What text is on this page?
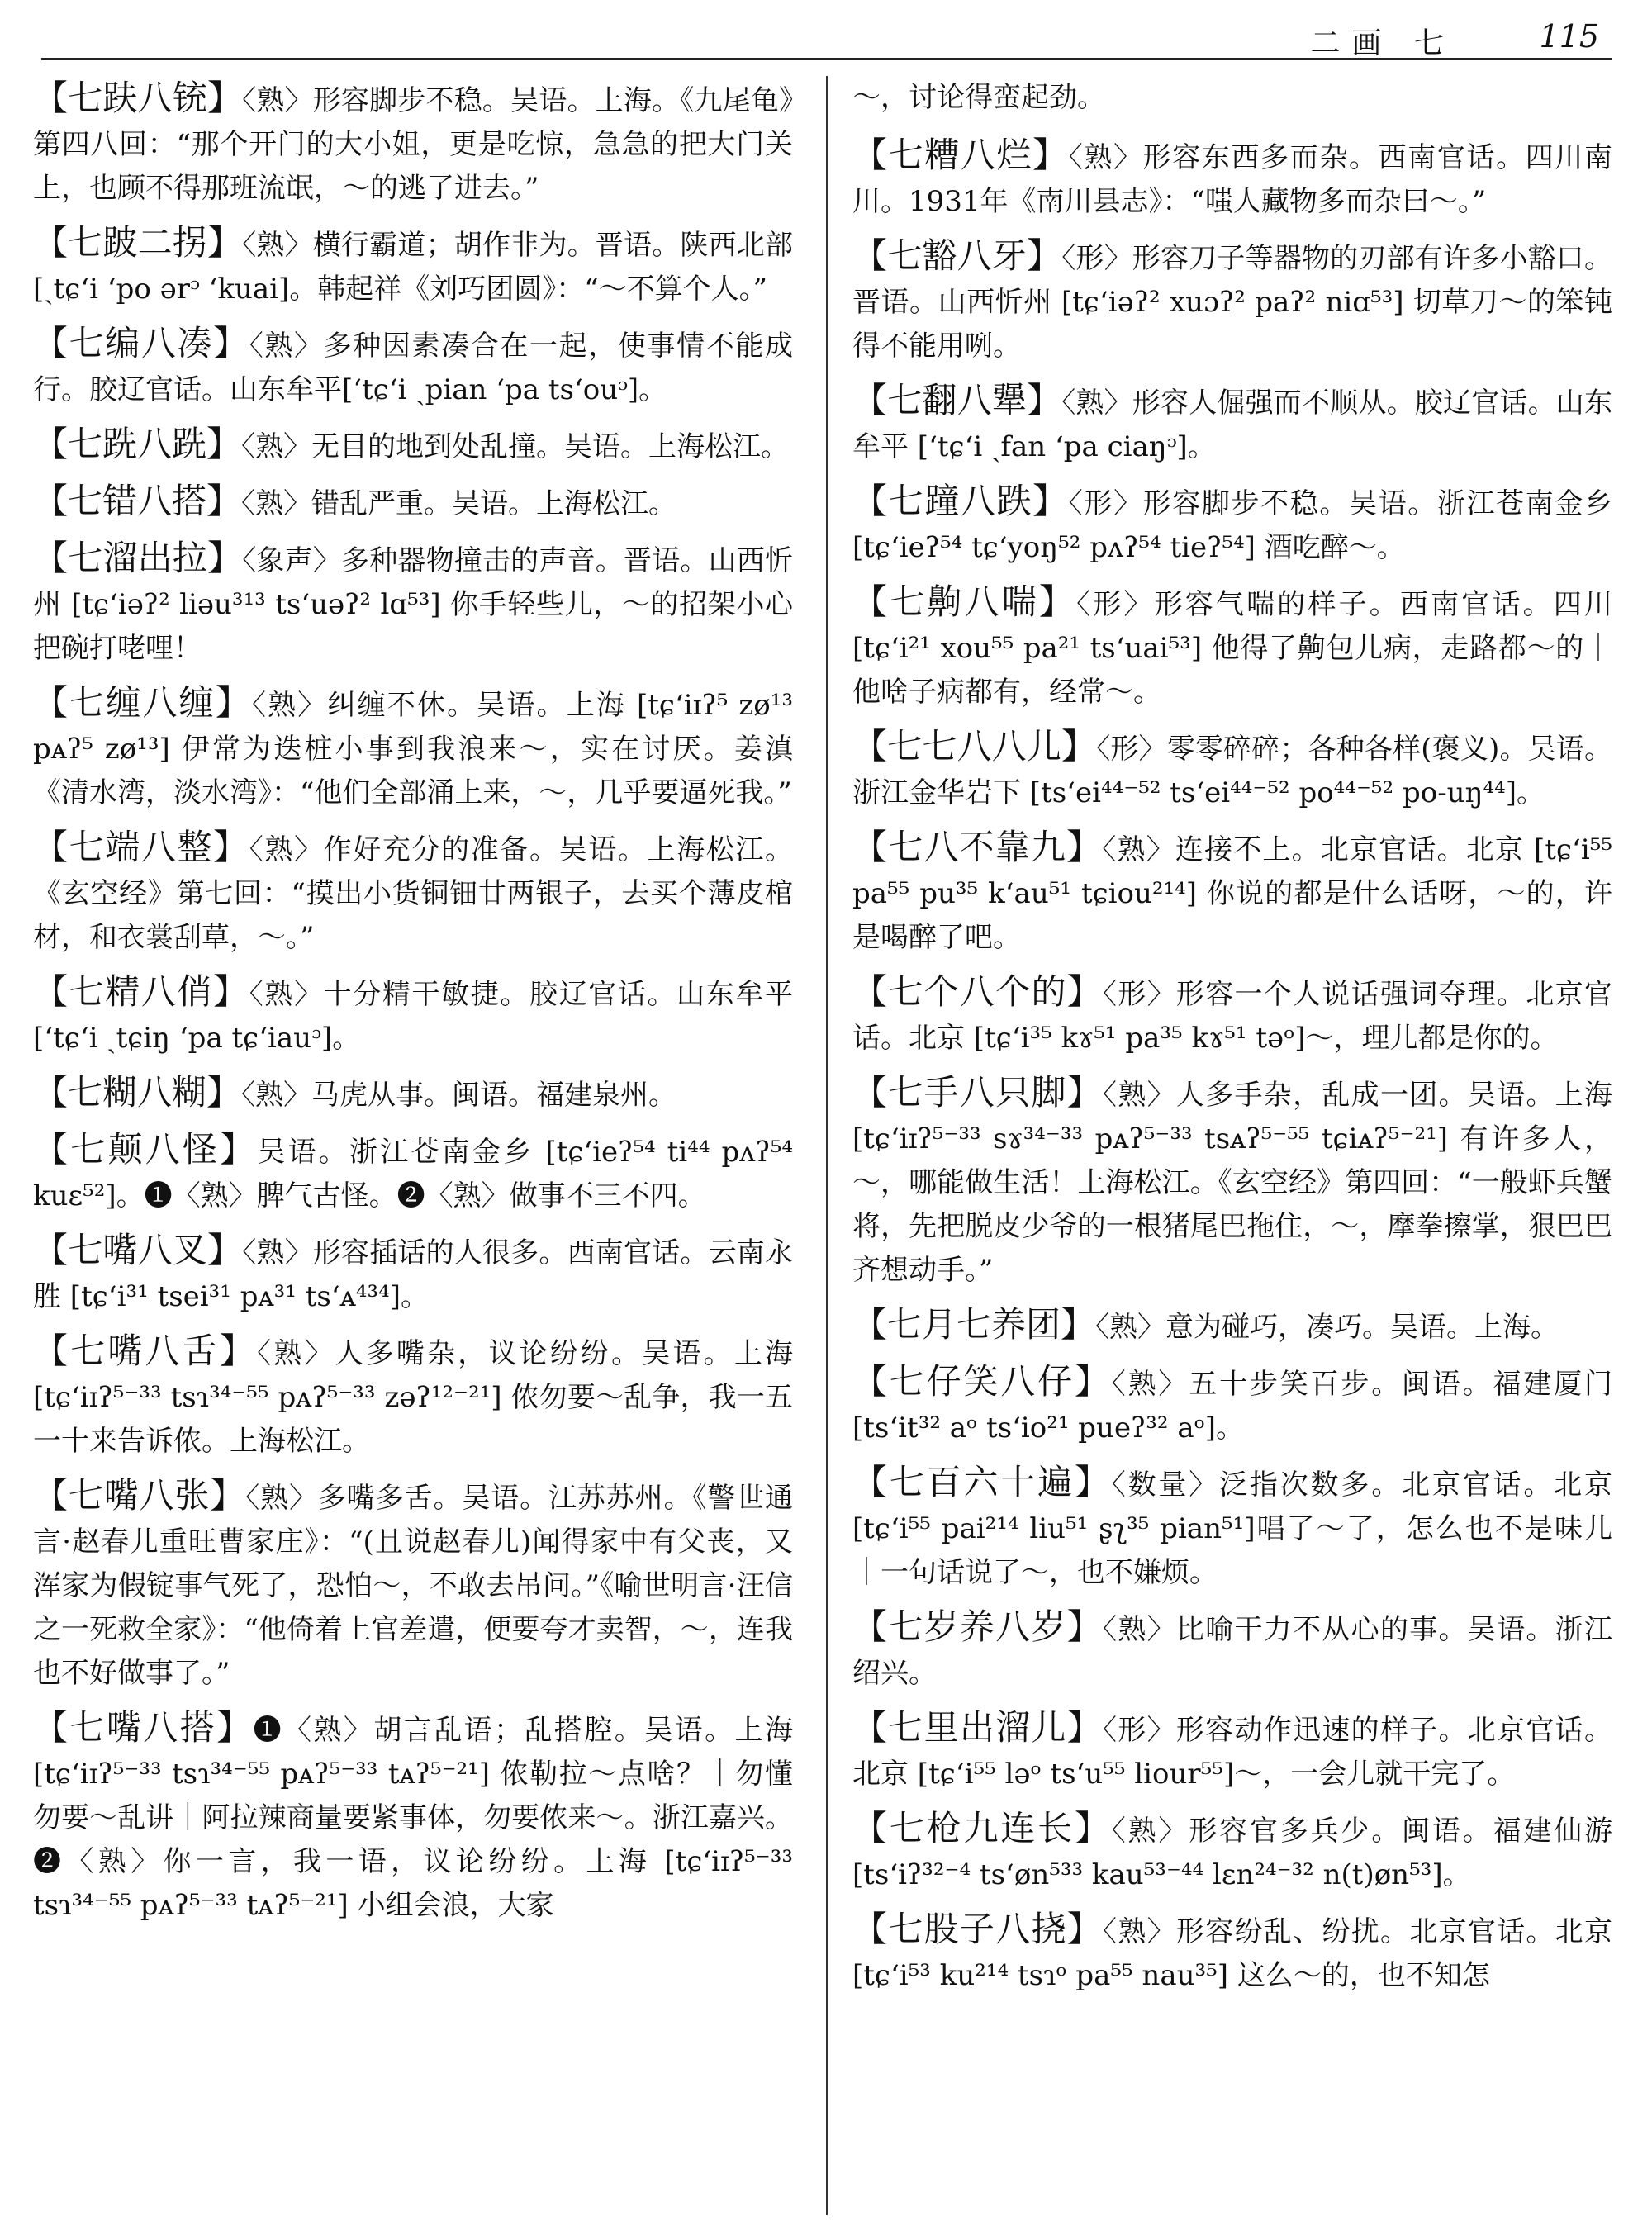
二画 七	115

【 七趺八铳 】 〈熟〉形容脚步不稳。吴语。上海。《九尾龟》第四八回：“那个开门的大小姐，更是吃惊，急急的把大门关上，也顾不得那班流氓，～的逃了进去。”

【 七跛二拐 】 〈熟〉横行霸道；胡作非为。晋语。陕西北部[ˏtɕʻi ʻpo ərᵓ ʻkuai]。韩起祥《刘巧团圆》：“～不算个人。”

【 七编八凑 】 〈熟〉多种因素凑合在一起，使事情不能成行。胶辽官话。山东牟平[ʻtɕʻi ˏpian ʻpa tsʻouᵓ]。

【 七跣八跣 】 〈熟〉无目的地到处乱撞。吴语。上海松江。

【 七错八搭 】 〈熟〉错乱严重。吴语。上海松江。

【 七溜出拉 】 〈象声〉多种器物撞击的声音。晋语。山西忻州 [tɕʻiəʔ² liəu³¹³ tsʻuəʔ² lɑ⁵³] 你手轻些儿，～的招架小心把碗打咾哩！

【 七缠八缠 】 〈熟〉纠缠不休。吴语。上海 [tɕʻiɪʔ⁵ zø¹³ pᴀʔ⁵ zø¹³] 伊常为迭桩小事到我浪来～，实在讨厌。姜滇《清水湾，淡水湾》：“他们全部涌上来，～，几乎要逼死我。”

【 七端八整 】 〈熟〉作好充分的准备。吴语。上海松江。《玄空经》第七回：“摸出小货铜钿廿两银子，去买个薄皮棺材，和衣裳刮草，～。”

【 七精八俏 】 〈熟〉十分精干敏捷。胶辽官话。山东牟平[ʻtɕʻi ˏtɕiŋ ʻpa tɕʻiauᵓ]。

【 七糊八糊 】 〈熟〉马虎从事。闽语。福建泉州。

【 七颠八怪 】 吴语。浙江苍南金乡 [tɕʻieʔ⁵⁴ ti⁴⁴ pʌʔ⁵⁴ kuɛ⁵²]。❶〈熟〉脾气古怪。❷〈熟〉做事不三不四。

【 七嘴八叉 】 〈熟〉形容插话的人很多。西南官话。云南永胜 [tɕʻi³¹ tsei³¹ pᴀ³¹ tsʻᴀ⁴³⁴]。

【 七嘴八舌 】 〈熟〉人多嘴杂，议论纷纷。吴语。上海 [tɕʻiɪʔ⁵⁻³³ tsɿ³⁴⁻⁵⁵ pᴀʔ⁵⁻³³ zəʔ¹²⁻²¹] 侬勿要～乱争，我一五一十来告诉侬。上海松江。

【 七嘴八张 】 〈熟〉多嘴多舌。吴语。江苏苏州。《警世通言·赵春儿重旺曹家庄》：“(且说赵春儿)闻得家中有父丧，又浑家为假锭事气死了，恐怕～，不敢去吊问。”《喻世明言·汪信之一死救全家》：“他倚着上官差遣，便要夸才卖智，～，连我也不好做事了。”

【 七嘴八搭 】 ❶〈熟〉胡言乱语；乱搭腔。吴语。上海 [tɕʻiɪʔ⁵⁻³³ tsɿ³⁴⁻⁵⁵ pᴀʔ⁵⁻³³ tᴀʔ⁵⁻²¹] 侬勒拉～点啥？｜勿懂勿要～乱讲｜阿拉辣商量要紧事体，勿要侬来～。浙江嘉兴。❷〈熟〉你一言，我一语，议论纷纷。上海 [tɕʻiɪʔ⁵⁻³³ tsɿ³⁴⁻⁵⁵ pᴀʔ⁵⁻³³ tᴀʔ⁵⁻²¹] 小组会浪，大家

～，讨论得蛮起劲。

【 七糟八烂 】 〈熟〉形容东西多而杂。西南官话。四川南川。1931年《南川县志》：“嗤人藏物多而杂曰～。”

【 七豁八牙 】 〈形〉形容刀子等器物的刃部有许多小豁口。晋语。山西忻州 [tɕʻiəʔ² xuɔʔ² paʔ² niɑ⁵³] 切草刀～的笨钝得不能用咧。

【 七翻八犟 】 〈熟〉形容人倔强而不顺从。胶辽官话。山东牟平 [ʻtɕʻi ˏfan ʻpa ciaŋᵓ]。

【 七蹱八跌 】 〈形〉形容脚步不稳。吴语。浙江苍南金乡 [tɕʻieʔ⁵⁴ tɕʻyoŋ⁵² pʌʔ⁵⁴ tieʔ⁵⁴] 酒吃醉～。

【 七齁八喘 】 〈形〉形容气喘的样子。西南官话。四川 [tɕʻi²¹ xou⁵⁵ pa²¹ tsʻuai⁵³] 他得了齁包儿病，走路都～的｜他啥子病都有，经常～。

【 七七八八儿 】 〈形〉零零碎碎；各种各样(褒义)。吴语。浙江金华岩下 [tsʻei⁴⁴⁻⁵² tsʻei⁴⁴⁻⁵² po⁴⁴⁻⁵² po-uŋ⁴⁴]。

【 七八不靠九 】 〈熟〉连接不上。北京官话。北京 [tɕʻi⁵⁵ pa⁵⁵ pu³⁵ kʻau⁵¹ tɕiou²¹⁴] 你说的都是什么话呀，～的，许是喝醉了吧。

【 七个八个的 】 〈形〉形容一个人说话强词夺理。北京官话。北京 [tɕʻi³⁵ kɤ⁵¹ pa³⁵ kɤ⁵¹ təᵒ]～，理儿都是你的。

【 七手八只脚 】 〈熟〉人多手杂，乱成一团。吴语。上海 [tɕʻiɪʔ⁵⁻³³ sɤ³⁴⁻³³ pᴀʔ⁵⁻³³ tsᴀʔ⁵⁻⁵⁵ tɕiᴀʔ⁵⁻²¹] 有许多人，～，哪能做生活！上海松江。《玄空经》第四回：“一般虾兵蟹将，先把脱皮少爷的一根猪尾巴拖住，～，摩拳擦掌，狠巴巴齐想动手。”

【 七月七养团 】 〈熟〉意为碰巧，凑巧。吴语。上海。

【 七仔笑八仔 】 〈熟〉五十步笑百步。闽语。福建厦门 [tsʻit³² aᵒ tsʻio²¹ pueʔ³² aᵒ]。

【 七百六十遍 】 〈数量〉泛指次数多。北京官话。北京 [tɕʻi⁵⁵ pai²¹⁴ liu⁵¹ ʂʅ³⁵ pian⁵¹]唱了～了，怎么也不是味儿｜一句话说了～，也不嫌烦。

【 七岁养八岁 】 〈熟〉比喻干力不从心的事。吴语。浙江绍兴。

【 七里出溜儿 】 〈形〉形容动作迅速的样子。北京官话。北京 [tɕʻi⁵⁵ ləᵒ tsʻu⁵⁵ liour⁵⁵]～，一会儿就干完了。

【 七枪九连长 】 〈熟〉形容官多兵少。闽语。福建仙游 [tsʻiʔ³²⁻⁴ tsʻøn⁵³³ kau⁵³⁻⁴⁴ lɛn²⁴⁻³² n(t)øn⁵³]。

【 七股子八挠 】 〈熟〉形容纷乱、纷扰。北京官话。北京 [tɕʻi⁵³ ku²¹⁴ tsɿᵒ pa⁵⁵ nau³⁵] 这么～的，也不知怎
